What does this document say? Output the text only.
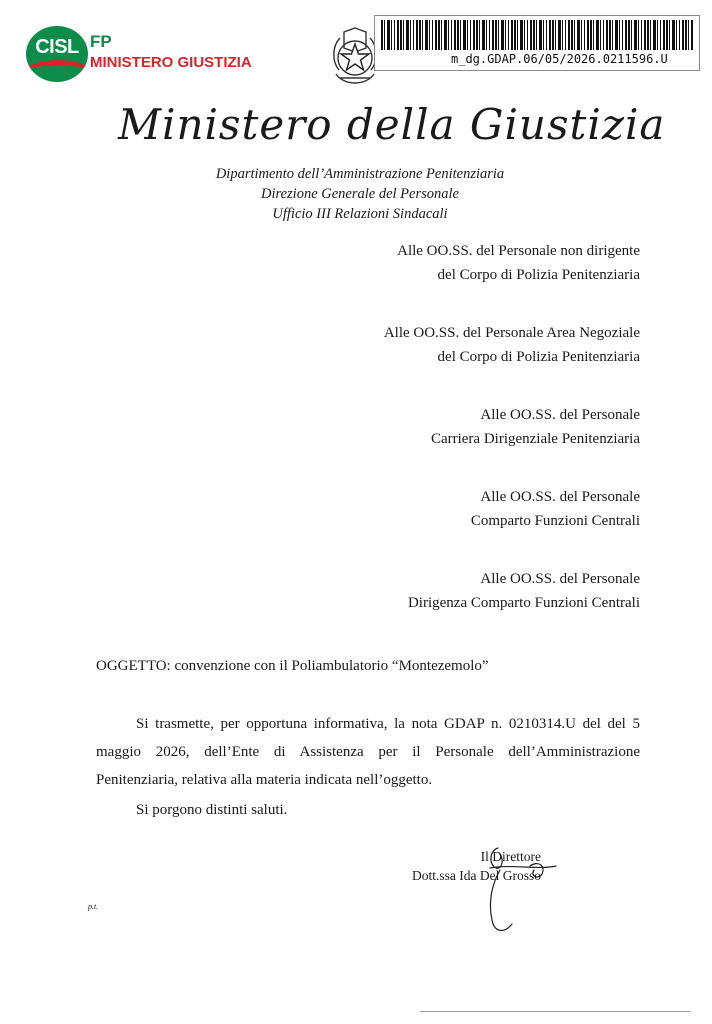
CISL FP
MINISTERO GIUSTIZIA	m_dg.GDAP.06/05/2026.0211596.U
Ministero della Giustizia
Dipartimento dell’Amministrazione Penitenziaria
Direzione Generale del Personale
Ufficio III Relazioni Sindacali
Alle OO.SS. del Personale non dirigente
del Corpo di Polizia Penitenziaria
Alle OO.SS. del Personale Area Negoziale
del Corpo di Polizia Penitenziaria
Alle OO.SS. del Personale
Carriera Dirigenziale Penitenziaria
Alle OO.SS. del Personale
Comparto Funzioni Centrali
Alle OO.SS. del Personale
Dirigenza Comparto Funzioni Centrali
OGGETTO: convenzione con il Poliambulatorio “Montezemolo”
Si trasmette, per opportuna informativa, la nota GDAP n. 0210314.U del del 5
maggio 2026, dell’Ente di Assistenza per il Personale dell’Amministrazione
Penitenziaria, relativa alla materia indicata nell’oggetto.
Si porgono distinti saluti.
Il Direttore
Dott.ssa Ida Del Grosso
p.t.
